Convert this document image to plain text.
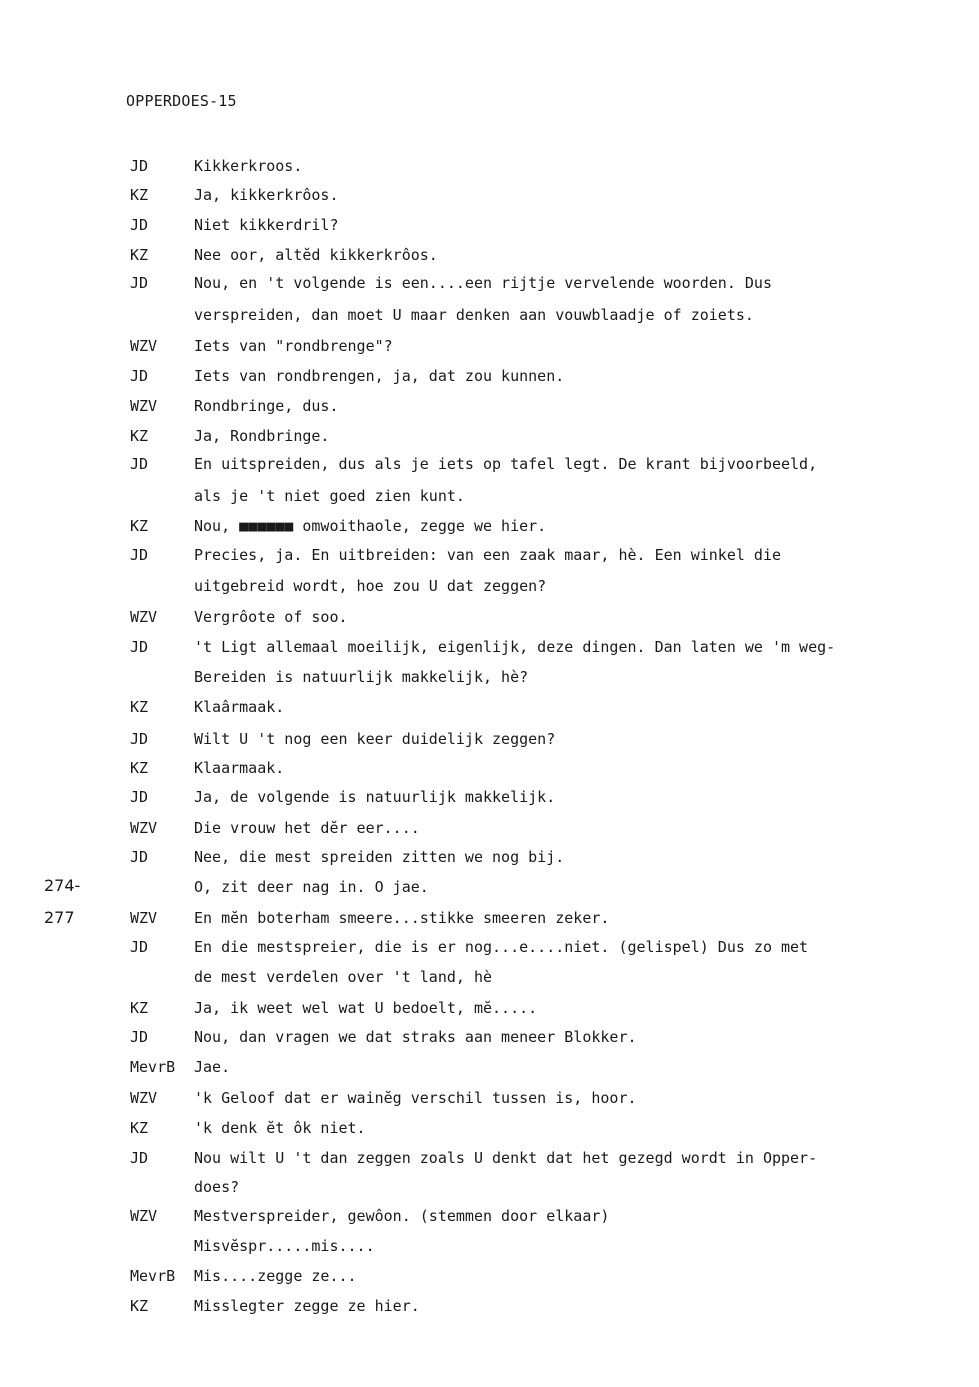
OPPERDOES-15
274-
277
JD	Kikkerkroos.
KZ	Ja, kikkerkrôos.
JD	Niet kikkerdril?
KZ	Nee oor, altĕd kikkerkrôos.
JD	Nou, en 't volgende is een....een rijtje vervelende woorden. Dus
verspreiden, dan moet U maar denken aan vouwblaadje of zoiets.
WZV Iets van "rondbrenge"?
JD	Iets van rondbrengen, ja, dat zou kunnen.
WZV Rondbringe, dus.
KZ	Ja, Rondbringe.
JD	En uitspreiden, dus als je iets op tafel legt. De krant bijvoorbeeld,
als je 't niet goed zien kunt.
KZ	Nou, ■■■■■■ omwoithaole, zegge we hier.
JD	Precies, ja. En uitbreiden: van een zaak maar, hè. Een winkel die
uitgebreid wordt, hoe zou U dat zeggen?
WZV Vergrôote of soo.
JD	't Ligt allemaal moeilijk, eigenlijk, deze dingen. Dan laten we 'm weg-
Bereiden is natuurlijk makkelijk, hè?
KZ	Klaârmaak.
JD	Wilt U 't nog een keer duidelijk zeggen?
KZ	Klaarmaak.
JD	Ja, de volgende is natuurlijk makkelijk.
WZV Die vrouw het dĕr eer....
JD	Nee, die mest spreiden zitten we nog bij.
O, zit deer nag in. O jae.
WZV En mĕn boterham smeere...stikke smeeren zeker.
JD	En die mestspreier, die is er nog...e....niet. (gelispel) Dus zo met
de mest verdelen over 't land, hè
KZ	Ja, ik weet wel wat U bedoelt, mĕ.....
JD	Nou, dan vragen we dat straks aan meneer Blokker.
MevrB Jae.
WZV 'k Geloof dat er wainĕg verschil tussen is, hoor.
KZ	'k denk ĕt ôk niet.
JD	Nou wilt U 't dan zeggen zoals U denkt dat het gezegd wordt in Opper-
does?
WZV Mestverspreider, gewôon. (stemmen door elkaar)
Misvĕspr.....mis....
MevrB Mis....zegge ze...
KZ	Misslegter zegge ze hier.
